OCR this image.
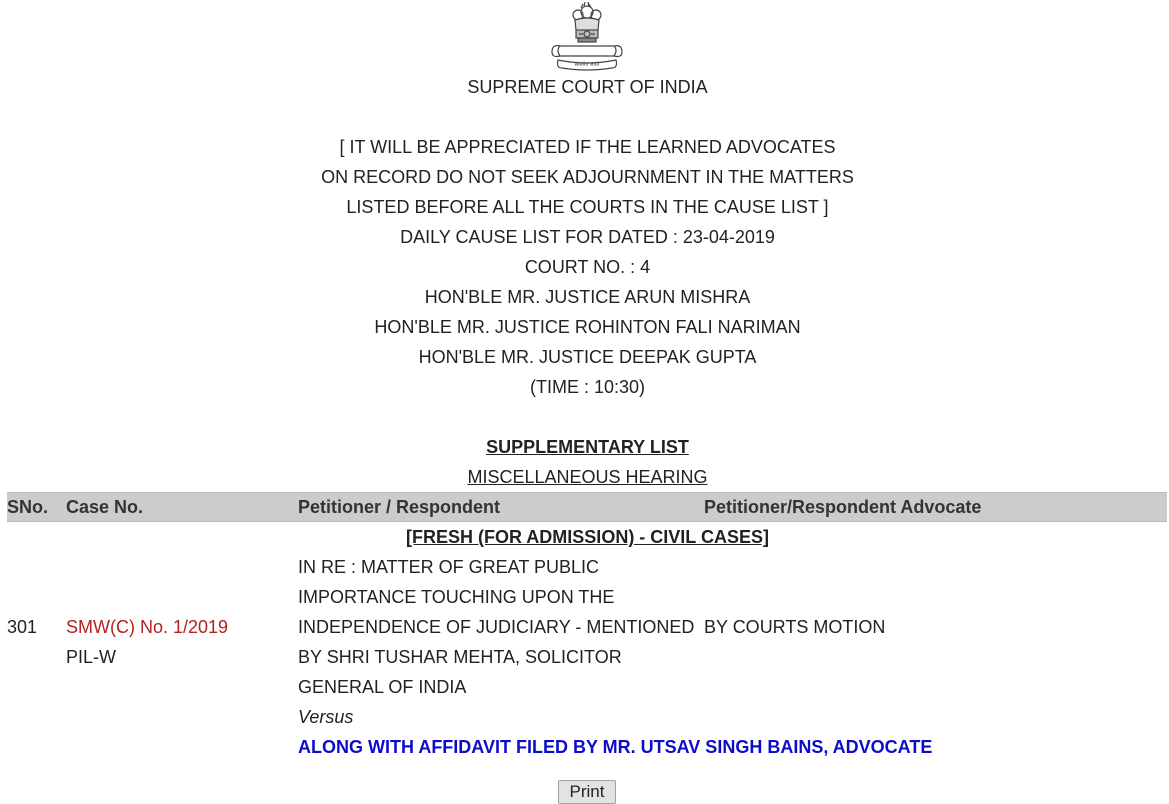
सत्यमेव जयते
SUPREME COURT OF INDIA
[ IT WILL BE APPRECIATED IF THE LEARNED ADVOCATES
ON RECORD DO NOT SEEK ADJOURNMENT IN THE MATTERS
LISTED BEFORE ALL THE COURTS IN THE CAUSE LIST ]
DAILY CAUSE LIST FOR DATED : 23-04-2019
COURT NO. : 4
HON'BLE MR. JUSTICE ARUN MISHRA
HON'BLE MR. JUSTICE ROHINTON FALI NARIMAN
HON'BLE MR. JUSTICE DEEPAK GUPTA
(TIME : 10:30)
SUPPLEMENTARY LIST
MISCELLANEOUS HEARING
SNo. Case No.	Petitioner / Respondent	Petitioner/Respondent Advocate
[FRESH (FOR ADMISSION) - CIVIL CASES]
301 SMW(C) No. 1/2019
PIL-W
IN RE : MATTER OF GREAT PUBLIC
IMPORTANCE TOUCHING UPON THE
INDEPENDENCE OF JUDICIARY - MENTIONED
BY SHRI TUSHAR MEHTA, SOLICITOR
GENERAL OF INDIA
Versus
BY COURTS MOTION
ALONG WITH AFFIDAVIT FILED BY MR. UTSAV SINGH BAINS, ADVOCATE
Print
